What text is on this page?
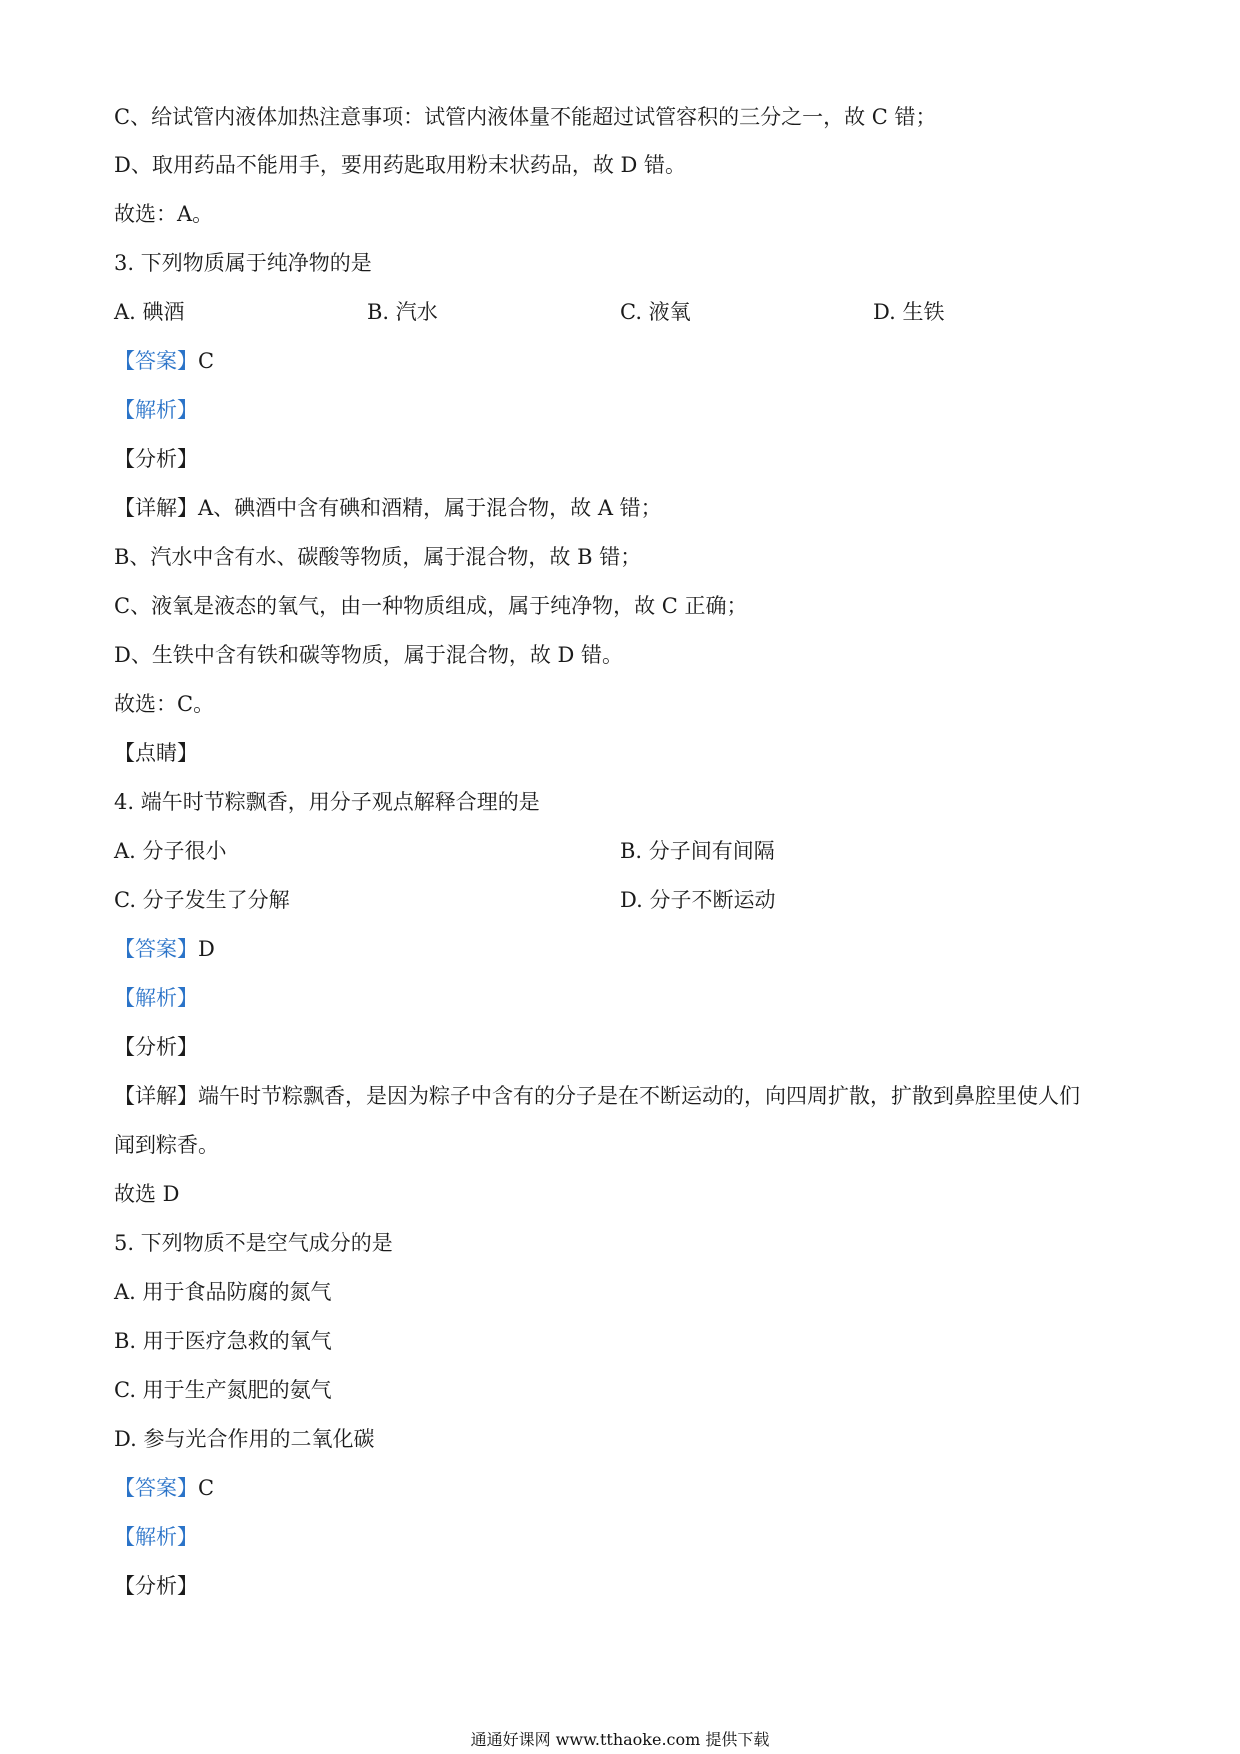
C、给试管内液体加热注意事项：试管内液体量不能超过试管容积的三分之一，故 C 错；
D、取用药品不能用手，要用药匙取用粉末状药品，故 D 错。
故选：A。
3. 下列物质属于纯净物的是
A. 碘酒	B. 汽水	C. 液氧	D. 生铁
【答案】C
【解析】
【分析】
【详解】A、碘酒中含有碘和酒精，属于混合物，故 A 错；
B、汽水中含有水、碳酸等物质，属于混合物，故 B 错；
C、液氧是液态的氧气，由一种物质组成，属于纯净物，故 C 正确；
D、生铁中含有铁和碳等物质，属于混合物，故 D 错。
故选：C。
【点睛】
4. 端午时节粽飘香，用分子观点解释合理的是
A. 分子很小	B. 分子间有间隔
C. 分子发生了分解	D. 分子不断运动
【答案】D
【解析】
【分析】
【详解】端午时节粽飘香，是因为粽子中含有的分子是在不断运动的，向四周扩散，扩散到鼻腔里使人们
闻到粽香。
故选 D
5. 下列物质不是空气成分的是
A. 用于食品防腐的氮气
B. 用于医疗急救的氧气
C. 用于生产氮肥的氨气
D. 参与光合作用的二氧化碳
【答案】C
【解析】
【分析】
通通好课网 www.tthaoke.com 提供下载
